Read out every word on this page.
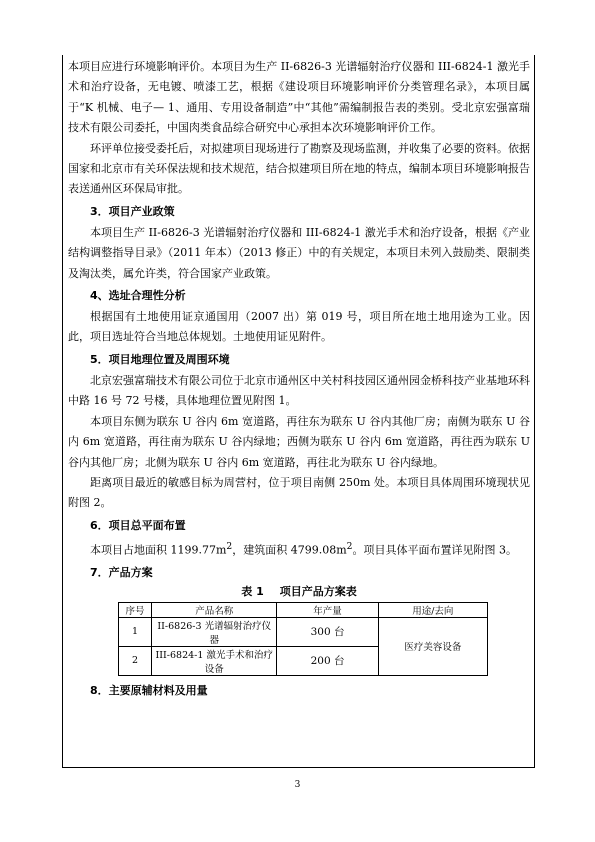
本项目应进行环境影响评价。本项目为生产 II-6826-3 光谱辐射治疗仪器和 III-6824-1 激光手术和治疗设备，无电镀、喷漆工艺，根据《建设项目环境影响评价分类管理名录》，本项目属于“K 机械、电子— 1、通用、专用设备制造”中“其他”需编制报告表的类别。受北京宏强富瑞技术有限公司委托，中国肉类食品综合研究中心承担本次环境影响评价工作。

环评单位接受委托后，对拟建项目现场进行了勘察及现场监测，并收集了必要的资料。依据国家和北京市有关环保法规和技术规范，结合拟建项目所在地的特点，编制本项目环境影响报告表送通州区环保局审批。

3．项目产业政策

本项目生产 II-6826-3 光谱辐射治疗仪器和 III-6824-1 激光手术和治疗设备，根据《产业结构调整指导目录》（2011 年本）（2013 修正）中的有关规定，本项目未列入鼓励类、限制类及淘汰类，属允许类，符合国家产业政策。

4、选址合理性分析

根据国有土地使用证京通国用（2007 出）第 019 号，项目所在地土地用途为工业。因此，项目选址符合当地总体规划。土地使用证见附件。

5．项目地理位置及周围环境

北京宏强富瑞技术有限公司位于北京市通州区中关村科技园区通州园金桥科技产业基地环科中路 16 号 72 号楼，具体地理位置见附图 1。

本项目东侧为联东 U 谷内 6m 宽道路，再往东为联东 U 谷内其他厂房；南侧为联东 U 谷内 6m 宽道路，再往南为联东 U 谷内绿地；西侧为联东 U 谷内 6m 宽道路，再往西为联东 U 谷内其他厂房；北侧为联东 U 谷内 6m 宽道路，再往北为联东 U 谷内绿地。

距离项目最近的敏感目标为周营村，位于项目南侧 250m 处。本项目具体周围环境现状见附图 2。

6．项目总平面布置

本项目占地面积 $1199.77m^2$，建筑面积 $4799.08m^2$。项目具体平面布置详见附图 3。

7．产品方案
表 1 项目产品方案表
序号	产品名称	年产量	用途/去向
1	II-6826-3 光谱辐射治疗仪器	300 台	医疗美容设备
2	III-6824-1 激光手术和治疗设备	200 台	
8．主要原辅材料及用量
3
